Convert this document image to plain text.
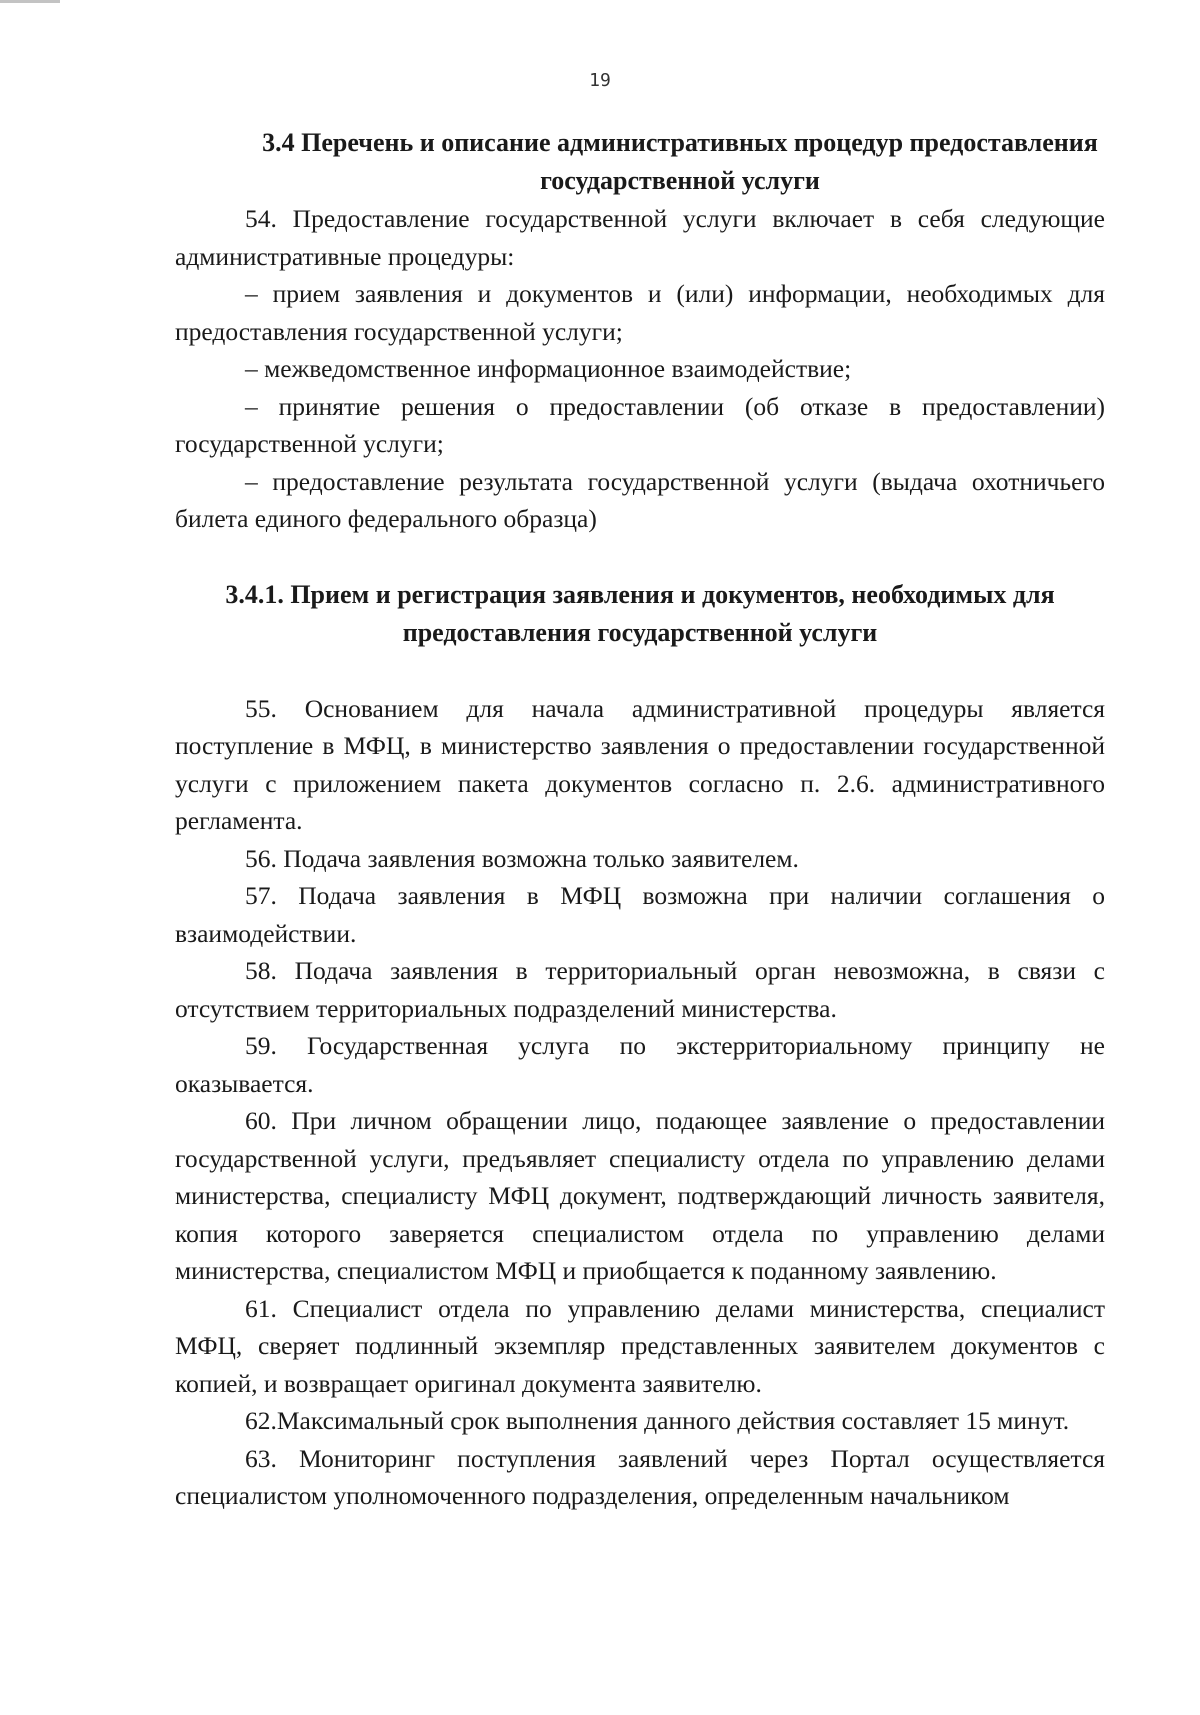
19

3.4 Перечень и описание административных процедур предоставления государственной услуги

54. Предоставление государственной услуги включает в себя следующие административные процедуры:

– прием заявления и документов и (или) информации, необходимых для предоставления государственной услуги;

– межведомственное информационное взаимодействие;

– принятие решения о предоставлении (об отказе в предоставлении) государственной услуги;

– предоставление результата государственной услуги (выдача охотничьего билета единого федерального образца)

3.4.1. Прием и регистрация заявления и документов, необходимых для предоставления государственной услуги

55. Основанием для начала административной процедуры является поступление в МФЦ, в министерство заявления о предоставлении государственной услуги с приложением пакета документов согласно п. 2.6. административного регламента.

56. Подача заявления возможна только заявителем.

57. Подача заявления в МФЦ возможна при наличии соглашения о взаимодействии.

58. Подача заявления в территориальный орган невозможна, в связи с отсутствием территориальных подразделений министерства.

59. Государственная услуга по экстерриториальному принципу не оказывается.

60. При личном обращении лицо, подающее заявление о предоставлении государственной услуги, предъявляет специалисту отдела по управлению делами министерства, специалисту МФЦ документ, подтверждающий личность заявителя, копия которого заверяется специалистом отдела по управлению делами министерства, специалистом МФЦ и приобщается к поданному заявлению.

61. Специалист отдела по управлению делами министерства, специалист МФЦ, сверяет подлинный экземпляр представленных заявителем документов с копией, и возвращает оригинал документа заявителю.

62.Максимальный срок выполнения данного действия составляет 15 минут.

63. Мониторинг поступления заявлений через Портал осуществляется специалистом уполномоченного подразделения, определенным начальником
